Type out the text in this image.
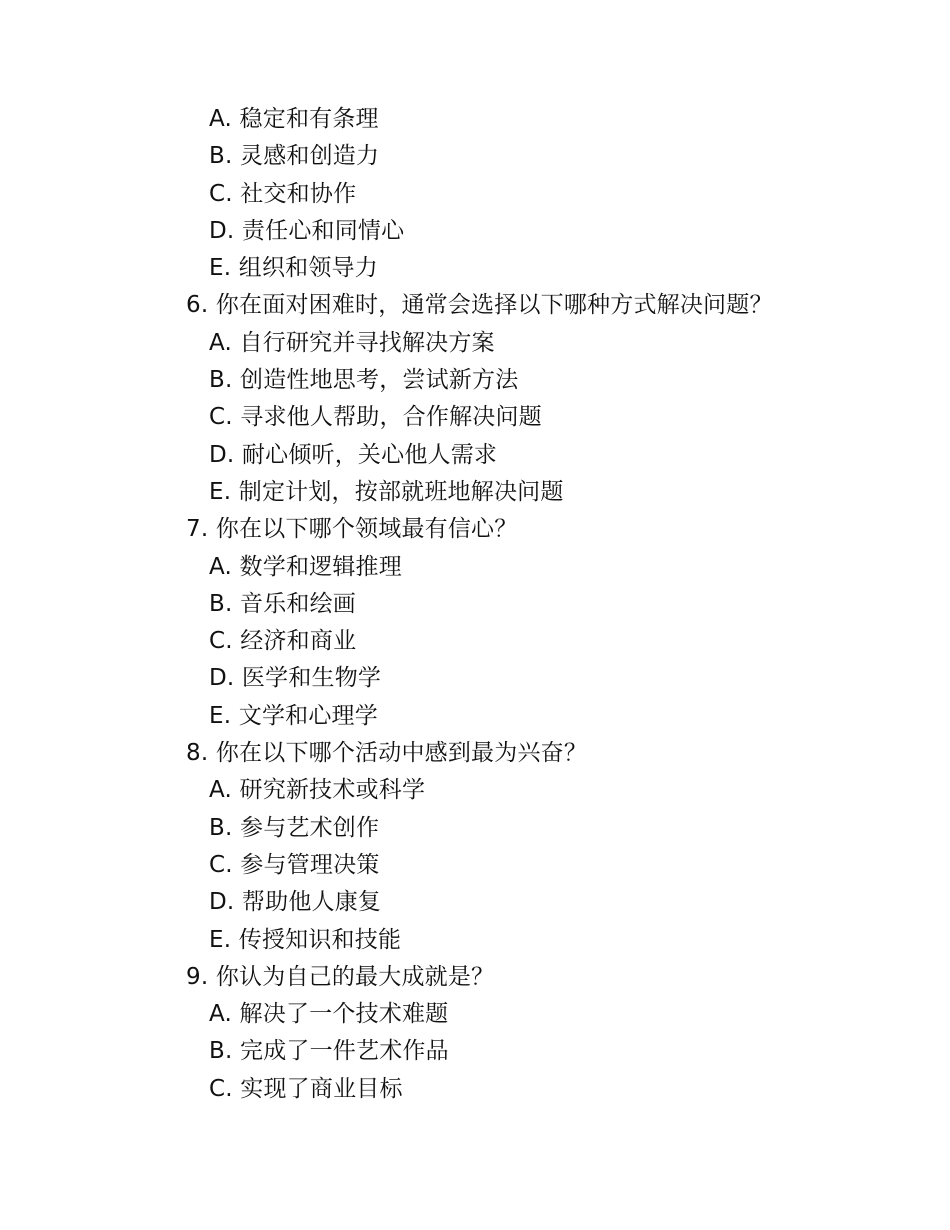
A. 稳定和有条理
B. 灵感和创造力
C. 社交和协作
D. 责任心和同情心
E. 组织和领导力
6. 你在面对困难时，通常会选择以下哪种方式解决问题？
A. 自行研究并寻找解决方案
B. 创造性地思考，尝试新方法
C. 寻求他人帮助，合作解决问题
D. 耐心倾听，关心他人需求
E. 制定计划，按部就班地解决问题
7. 你在以下哪个领域最有信心？
A. 数学和逻辑推理
B. 音乐和绘画
C. 经济和商业
D. 医学和生物学
E. 文学和心理学
8. 你在以下哪个活动中感到最为兴奋？
A. 研究新技术或科学
B. 参与艺术创作
C. 参与管理决策
D. 帮助他人康复
E. 传授知识和技能
9. 你认为自己的最大成就是？
A. 解决了一个技术难题
B. 完成了一件艺术作品
C. 实现了商业目标
